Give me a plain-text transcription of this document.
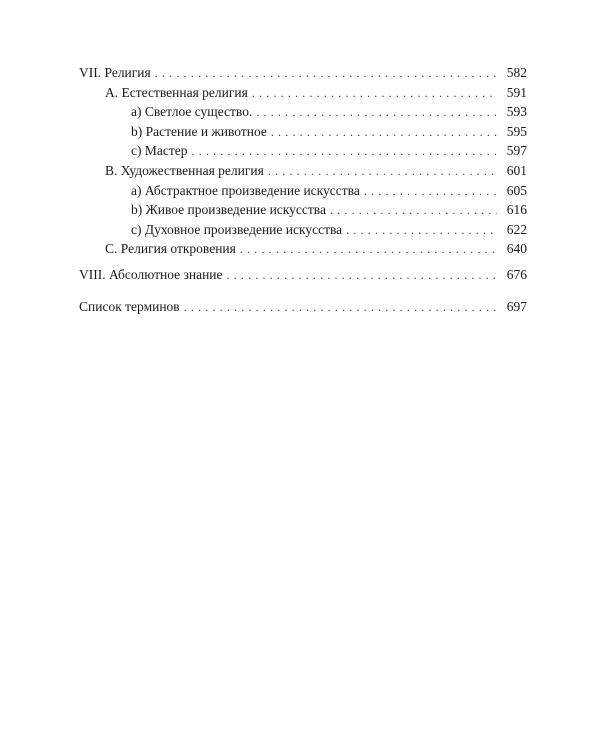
VII. Религия . . .	582
A. Естественная религия . . .	591
a) Светлое существо. . . .	593
b) Растение и животное . . .	595
c) Мастер . . .	597
B. Художественная религия . . .	601
a) Абстрактное произведение искусства . . .	605
b) Живое произведение искусства . . .	616
c) Духовное произведение искусства . . .	622
C. Религия откровения . . .	640
VIII. Абсолютное знание . . .	676
Список терминов . . .	697
